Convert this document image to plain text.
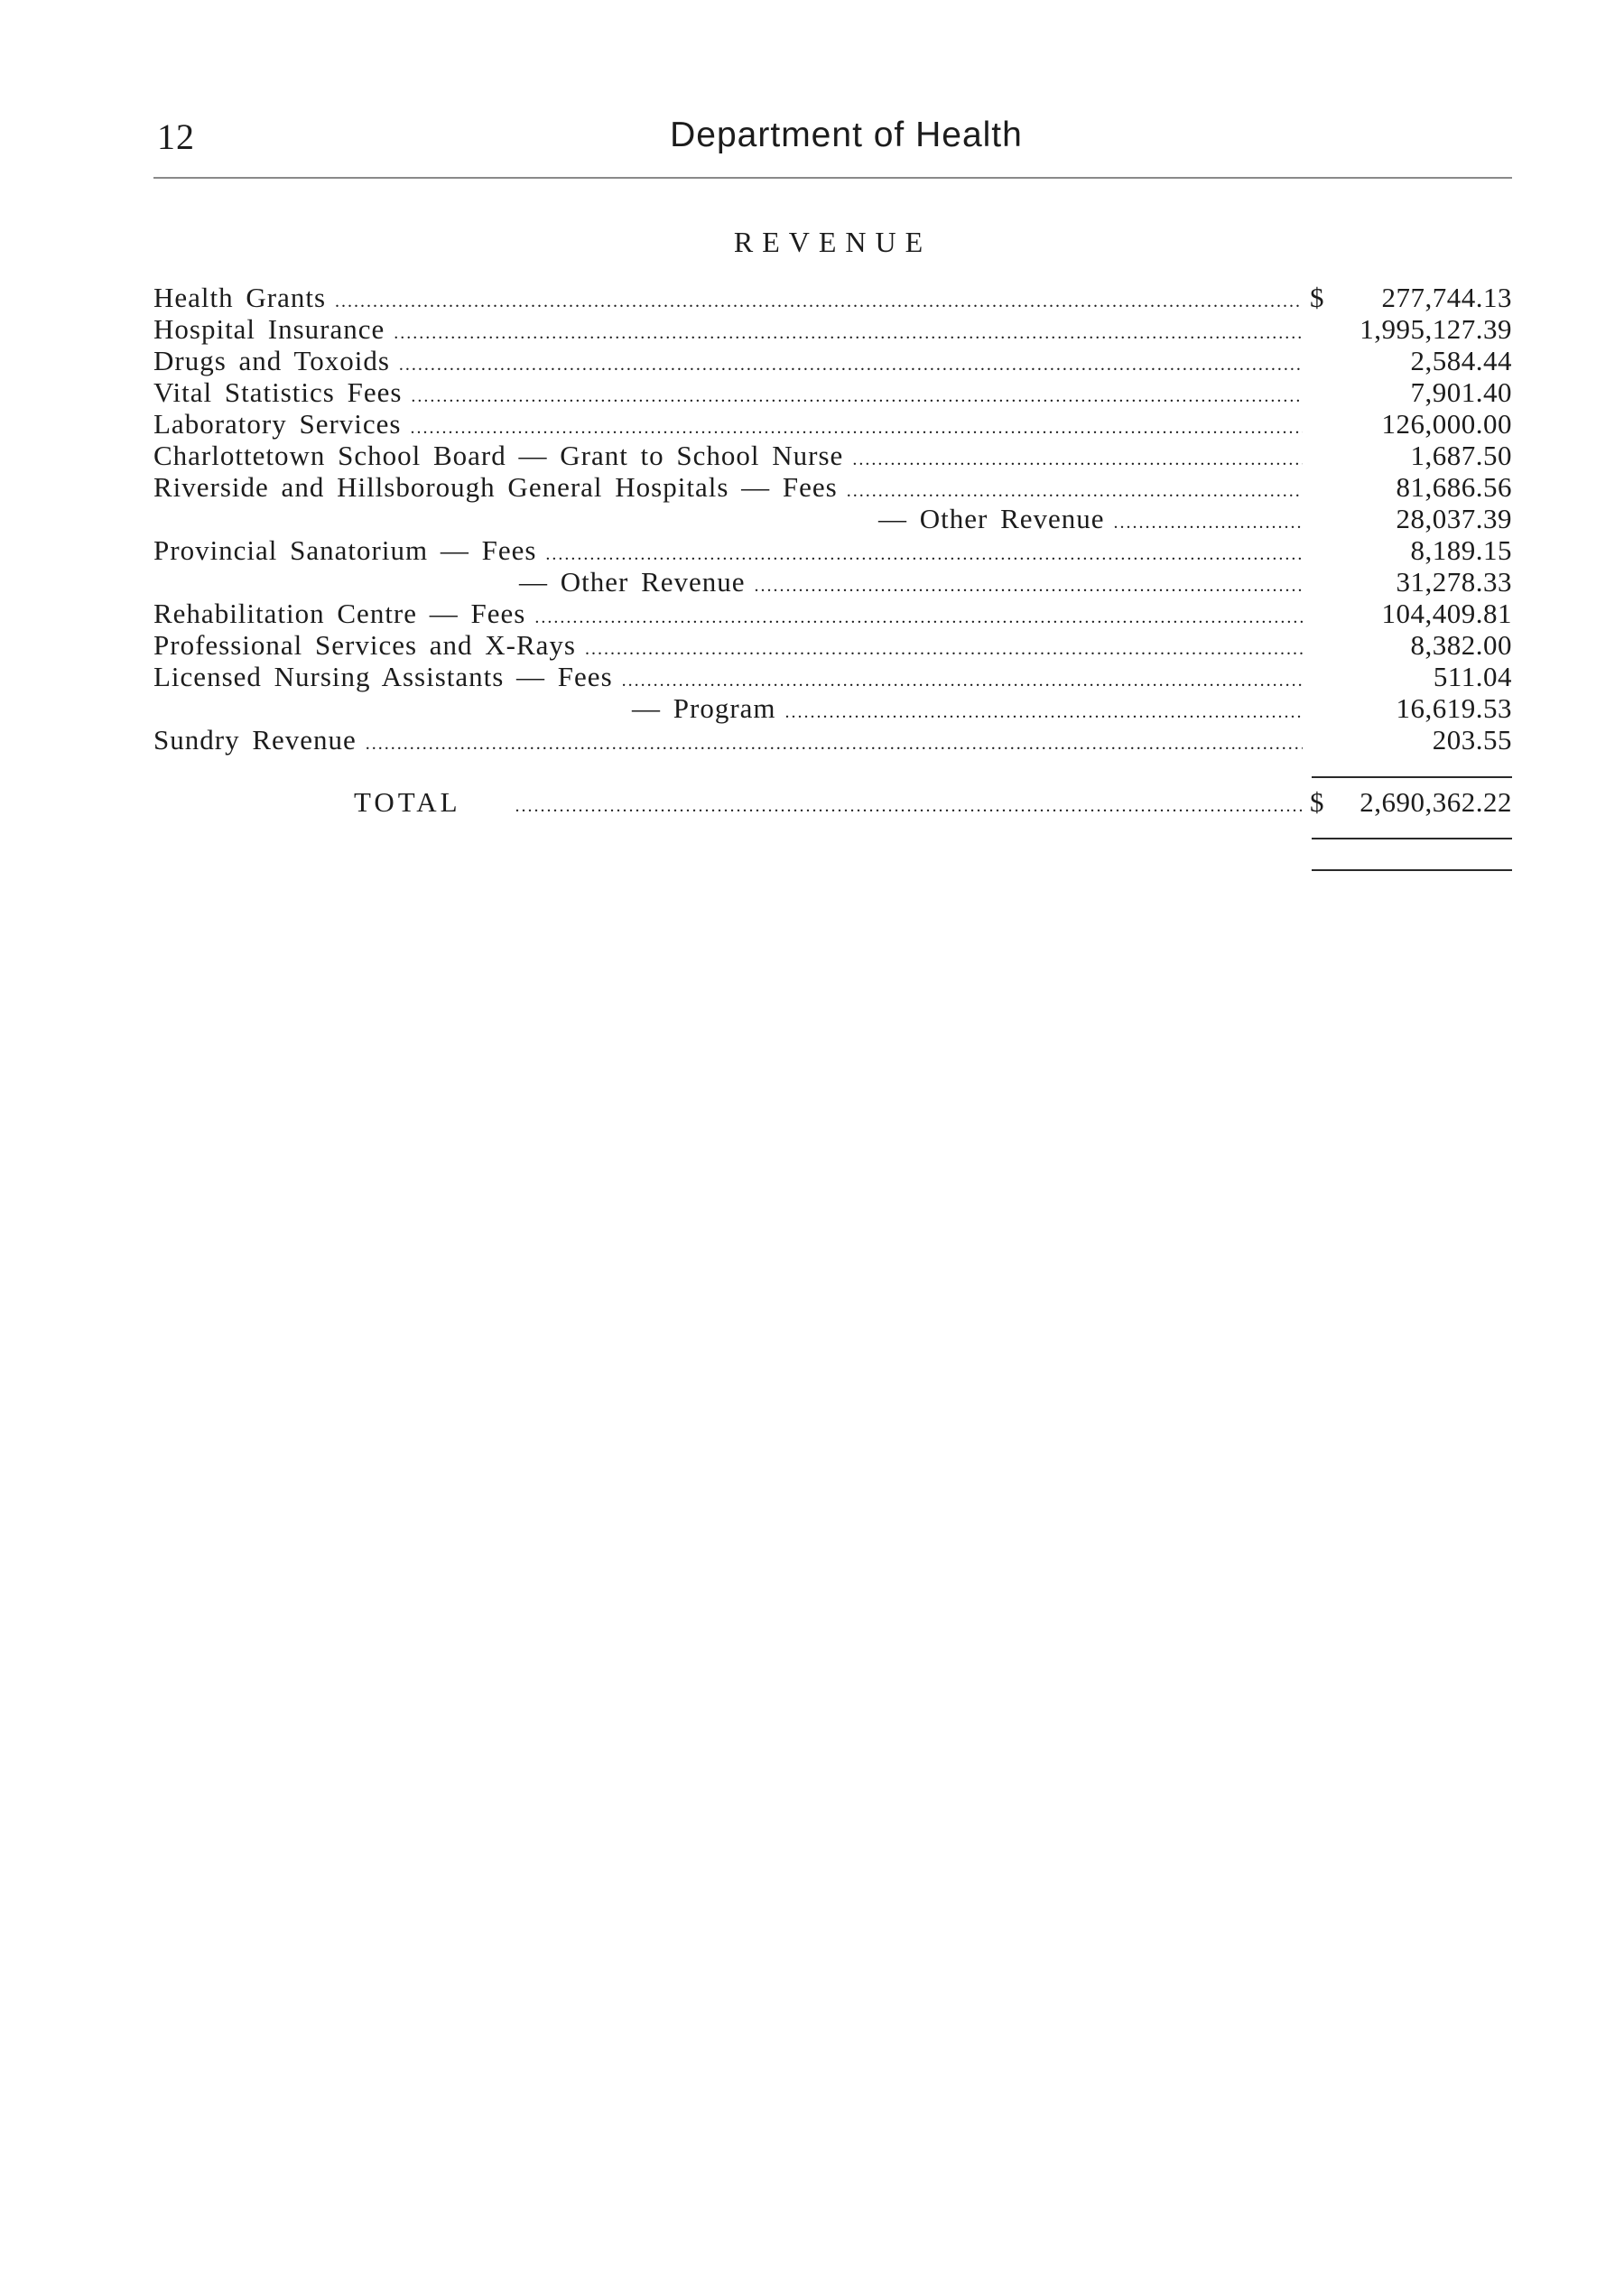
12	Department of Health
REVENUE
Health Grants .....	$ 277,744.13
Hospital Insurance .....	1,995,127.39
Drugs and Toxoids .....	2,584.44
Vital Statistics Fees .....	7,901.40
Laboratory Services .....	126,000.00
Charlottetown School Board — Grant to School Nurse .....	1,687.50
Riverside and Hillsborough General Hospitals — Fees .....	81,686.56
— Other Revenue .....	28,037.39
Provincial Sanatorium — Fees .....	8,189.15
— Other Revenue .....	31,278.33
Rehabilitation Centre — Fees .....	104,409.81
Professional Services and X-Rays .....	8,382.00
Licensed Nursing Assistants — Fees .....	511.04
— Program .....	16,619.53
Sundry Revenue .....	203.55
TOTAL .....	$ 2,690,362.22
